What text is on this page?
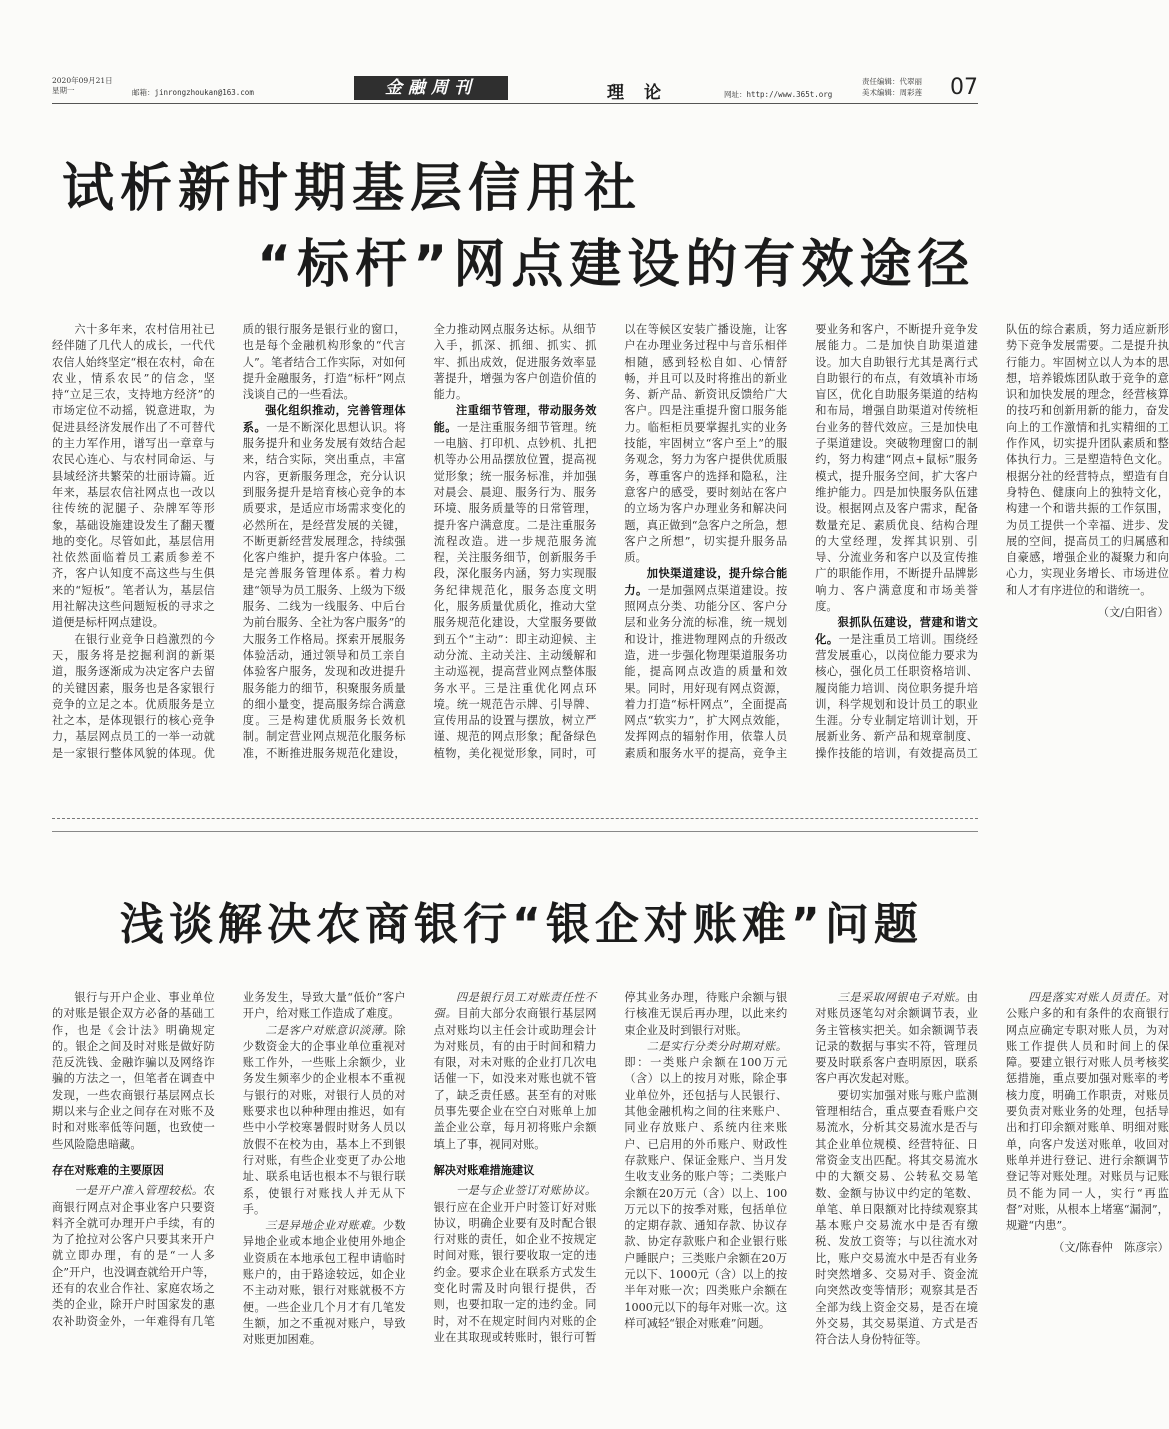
2020年09月21日
星期一	邮箱：jinrongzhoukan@163.com	金融周刊	理论	网址：http://www.365t.org
责任编辑：代翠丽
美术编辑：周彩莲 07
试析新时期基层信用社
“标杆”网点建设的有效途径

六十多年来，农村信用社已经伴随了几代人的成长，一代代农信人始终坚定“根在农村，命在农业，情系农民”的信念，坚持“立足三农，支持地方经济”的市场定位不动摇，锐意进取，为促进县经济发展作出了不可替代的主力军作用，谱写出一章章与农民心连心、与农村同命运、与县域经济共繁荣的壮丽诗篇。近年来，基层农信社网点也一改以往传统的泥腿子、杂牌军等形象，基础设施建设发生了翻天覆地的变化。尽管如此，基层信用社依然面临着员工素质参差不齐，客户认知度不高这些与生俱来的“短板”。笔者认为，基层信用社解决这些问题短板的寻求之道便是标杆网点建设。

在银行业竞争日趋激烈的今天，服务将是挖掘利润的新渠道，服务逐渐成为决定客户去留的关键因素，服务也是各家银行竞争的立足之本。优质服务是立社之本，是体现银行的核心竞争力，基层网点员工的一举一动就是一家银行整体风貌的体现。优质的银行服务是银行业的窗口，也是每个金融机构形象的“代言人”。笔者结合工作实际，对如何提升金融服务，打造“标杆”网点浅谈自己的一些看法。

强化组织推动，完善管理体系。一是不断深化思想认识。将服务提升和业务发展有效结合起来，结合实际，突出重点，丰富内容，更新服务理念，充分认识到服务提升是培育核心竞争的本质要求，是适应市场需求变化的必然所在，是经营发展的关键，不断更新经营发展理念，持续强化客户维护，提升客户体验。二是完善服务管理体系。着力构建“领导为员工服务、上级为下级服务、二线为一线服务、中后台为前台服务、全社为客户服务”的大服务工作格局。探索开展服务体验活动，通过领导和员工亲自体验客户服务，发现和改进提升服务能力的细节，积聚服务质量的细小量变，提高服务综合满意度。三是构建优质服务长效机制。制定营业网点规范化服务标准，不断推进服务规范化建设，全力推动网点服务达标。从细节入手，抓深、抓细、抓实、抓牢、抓出成效，促进服务效率显著提升，增强为客户创造价值的能力。

注重细节管理，带动服务效能。一是注重服务细节管理。统一电脑、打印机、点钞机、扎把机等办公用品摆放位置，提高视觉形象；统一服务标准，并加强对晨会、晨迎、服务行为、服务环境、服务质量等的日常管理，提升客户满意度。二是注重服务流程改造。进一步规范服务流程，关注服务细节，创新服务手段，深化服务内涵，努力实现服务纪律规范化，服务态度文明化，服务质量优质化，推动大堂服务规范化建设，大堂服务要做到五个“主动”：即主动迎候、主动分流、主动关注、主动缓解和主动巡视，提高营业网点整体服务水平。三是注重优化网点环境。统一规范告示牌、引导牌、宣传用品的设置与摆放，树立严谨、规范的网点形象；配备绿色植物，美化视觉形象，同时，可以在等候区安装广播设施，让客户在办理业务过程中与音乐相伴相随，感到轻松自如、心情舒畅，并且可以及时将推出的新业务、新产品、新资讯反馈给广大客户。四是注重提升窗口服务能力。临柜柜员要掌握扎实的业务技能，牢固树立“客户至上”的服务观念，努力为客户提供优质服务，尊重客户的选择和隐私，注意客户的感受，要时刻站在客户的立场为客户办理业务和解决问题，真正做到“急客户之所急，想客户之所想”，切实提升服务品质。

加快渠道建设，提升综合能力。一是加强网点渠道建设。按照网点分类、功能分区、客户分层和业务分流的标准，统一规划和设计，推进物理网点的升级改造，进一步强化物理渠道服务功能，提高网点改造的质量和效果。同时，用好现有网点资源，着力打造“标杆网点”，全面提高网点“软实力”，扩大网点效能，发挥网点的辐射作用，依靠人员素质和服务水平的提高，竞争主要业务和客户，不断提升竞争发展能力。二是加快自助渠道建设。加大自助银行尤其是离行式自助银行的布点，有效填补市场盲区，优化自助服务渠道的结构和布局，增强自助渠道对传统柜台业务的替代效应。三是加快电子渠道建设。突破物理窗口的制约，努力构建“网点+鼠标”服务模式，提升服务空间，扩大客户维护能力。四是加快服务队伍建设。根据网点及客户需求，配备数量充足、素质优良、结构合理的大堂经理，发挥其识别、引导、分流业务和客户以及宣传推广的职能作用，不断提升品牌影响力、客户满意度和市场美誉度。

狠抓队伍建设，营建和谐文化。一是注重员工培训。围绕经营发展重心，以岗位能力要求为核心，强化员工任职资格培训、履岗能力培训、岗位职务提升培训，科学规划和设计员工的职业生涯。分专业制定培训计划，开展新业务、新产品和规章制度、操作技能的培训，有效提高员工队伍的综合素质，努力适应新形势下竞争发展需要。二是提升执行能力。牢固树立以人为本的思想，培养锻炼团队敢于竞争的意识和加快发展的理念，经营核算的技巧和创新用新的能力，奋发向上的工作激情和扎实精细的工作作风，切实提升团队素质和整体执行力。三是塑造特色文化。根据分社的经营特点，塑造有自身特色、健康向上的独特文化，构建一个和谐共振的工作氛围，为员工提供一个幸福、进步、发展的空间，提高员工的归属感和自豪感，增强企业的凝聚力和向心力，实现业务增长、市场进位和人才有序进位的和谐统一。

（文/白阳省）

浅谈解决农商银行“银企对账难”问题

银行与开户企业、事业单位的对账是银企双方必备的基础工作，也是《会计法》明确规定的。银企之间及时对账是做好防范反洗钱、金融诈骗以及网络诈骗的方法之一，但笔者在调查中发现，一些农商银行基层网点长期以来与企业之间存在对账不及时和对账率低等问题，也致使一些风险隐患暗藏。

存在对账难的主要原因

一是开户准入管理较松。农商银行网点对企事业客户只要资料齐全就可办理开户手续，有的为了抢拉对公客户只要其来开户就立即办理，有的是“一人多企”开户，也没调查就给开户等，还有的农业合作社、家庭农场之类的企业，除开户时国家发的惠农补助资金外，一年难得有几笔业务发生，导致大量“低价”客户开户，给对账工作造成了难度。

二是客户对账意识淡薄。除少数资金大的企事业单位重视对账工作外，一些账上余额少，业务发生频率少的企业根本不重视与银行的对账，对银行人员的对账要求也以种种理由推迟，如有些中小学校寒暑假时财务人员以放假不在校为由，基本上不到银行对账，有些企业变更了办公地址、联系电话也根本不与银行联系，使银行对账找人并无从下手。

三是异地企业对账难。少数异地企业或本地企业使用外地企业资质在本地承包工程申请临时账户的，由于路途较远，如企业不主动对账，银行对账就极不方便。一些企业几个月才有几笔发生额，加之不重视对账户，导致对账更加困难。

四是银行员工对账责任性不强。目前大部分农商银行基层网点对账均以主任会计或助理会计为对账员，有的由于时间和精力有限，对未对账的企业打几次电话催一下，如没来对账也就不管了，缺乏责任感。甚至有的对账员事先要企业在空白对账单上加盖企业公章，每月初将账户余额填上了事，视同对账。

解决对账难措施建议

一是与企业签订对账协议。银行应在企业开户时签订好对账协议，明确企业要有及时配合银行对账的责任，如企业不按规定时间对账，银行要收取一定的违约金。要求企业在联系方式发生变化时需及时向银行提供，否则，也要扣取一定的违约金。同时，对不在规定时间内对账的企业在其取现或转账时，银行可暂停其业务办理，待账户余额与银行核准无误后再办理，以此来约束企业及时到银行对账。

二是实行分类分时期对账。即：一类账户余额在100万元（含）以上的按月对账，除企事业单位外，还包括与人民银行、其他金融机构之间的往来账户、同业存放账户、系统内往来账户、已启用的外币账户、财政性存款账户、保证金账户、当月发生收支业务的账户等；二类账户余额在20万元（含）以上、100万元以下的按季对账，包括单位的定期存款、通知存款、协议存款、协定存款账户和企业银行账户睡眠户；三类账户余额在20万元以下、1000元（含）以上的按半年对账一次；四类账户余额在1000元以下的每年对账一次。这样可减轻“银企对账难”问题。

三是采取网银电子对账。由对账员逐笔勾对余额调节表，业务主管核实把关。如余额调节表记录的数据与事实不符，管理员要及时联系客户查明原因，联系客户再次发起对账。

要切实加强对账与账户监测管理相结合，重点要查看账户交易流水，分析其交易流水是否与其企业单位规模、经营特征、日常资金支出匹配。将其交易流水中的大额交易、公转私交易笔数、金额与协议中约定的笔数、单笔、单日限额对比持续观察其基本账户交易流水中是否有缴税、发放工资等；与以往流水对比，账户交易流水中是否有业务时突然增多、交易对手、资金流向突然改变等情形；观察其是否全部为线上资金交易，是否在境外交易，其交易渠道、方式是否符合法人身份特征等。

四是落实对账人员责任。对公账户多的和有条件的农商银行网点应确定专职对账人员，为对账工作提供人员和时间上的保障。要建立银行对账人员考核奖惩措施，重点要加强对账率的考核力度，明确工作职责，对账员要负责对账业务的处理，包括导出和打印余额对账单、明细对账单，向客户发送对账单，收回对账单并进行登记、进行余额调节登记等对账处理。对账员与记账员不能为同一人，实行“再监督”对账，从根本上堵塞“漏洞”，规避“内患”。

（文/陈春仲　陈彦宗）
